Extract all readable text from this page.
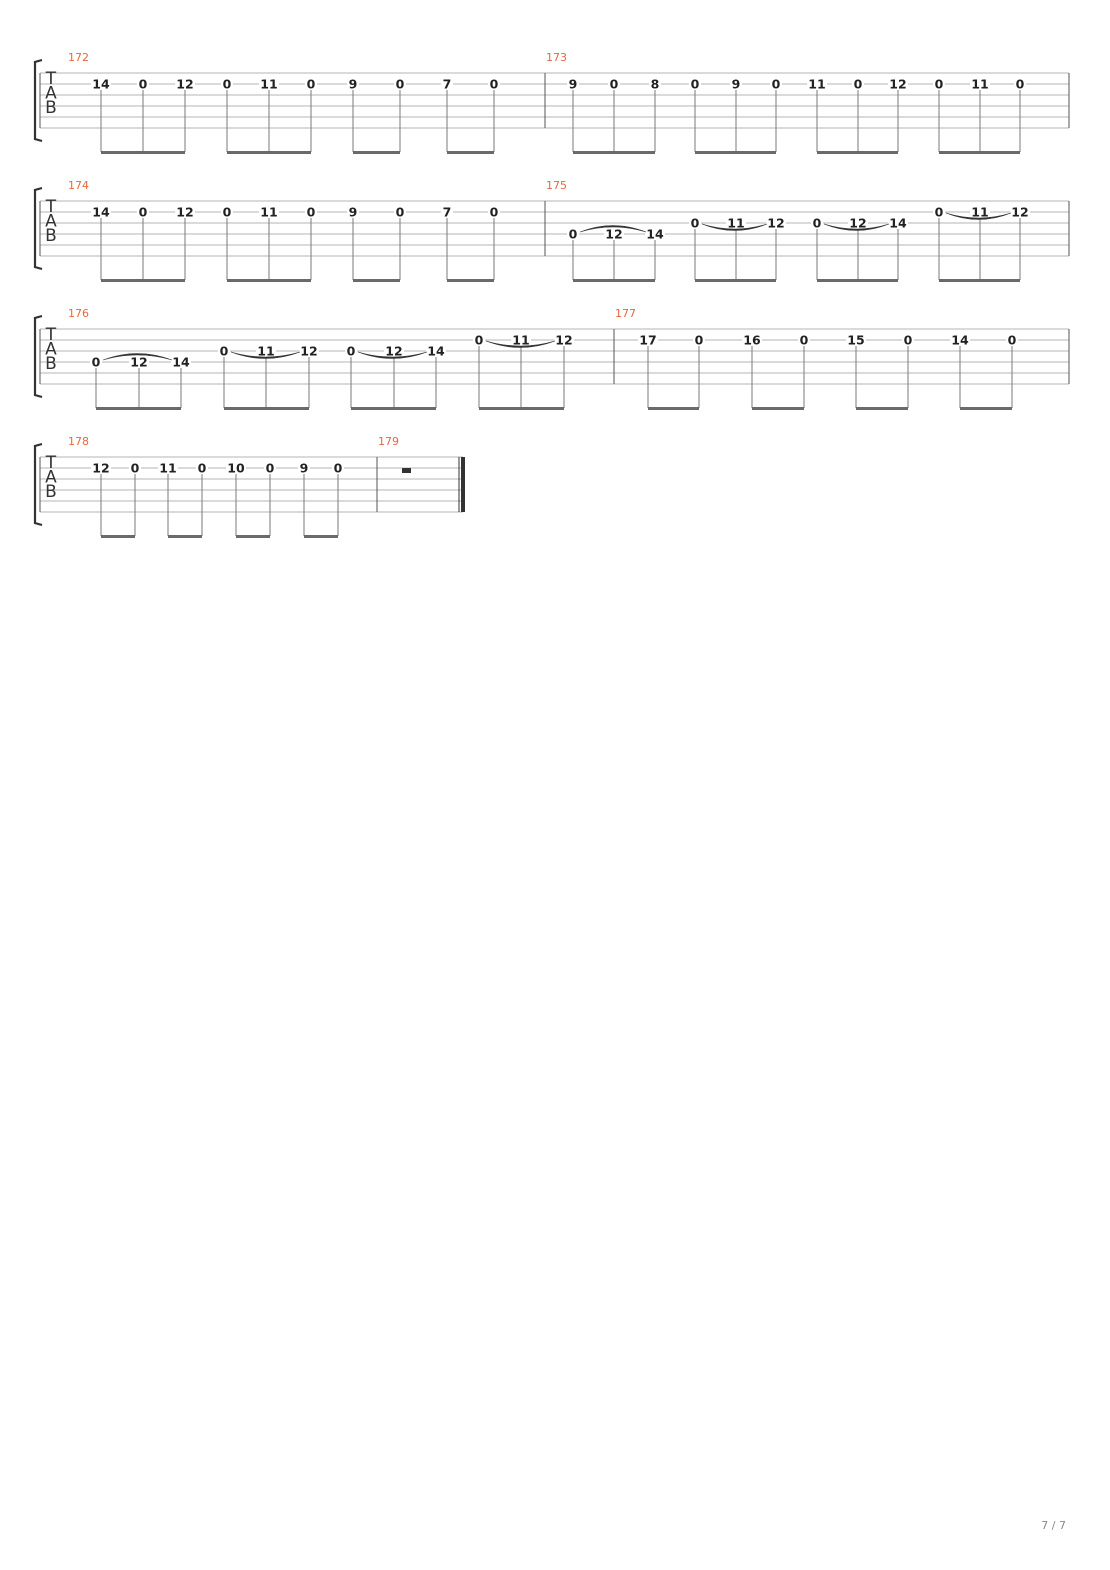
T
A
B
172
14 0 12 0 11 0	9	0	7	0
173
9	0	8	0	9	0 11 0 12 0 11 0
T
A
B
174
14 0 12 0 11 0	9	0	7	0
175
0 12 14
0 11 12 0 12 14
0 11 12
T
A
B
176
0 12 14
0 11 12 0 12 14
0 11 12
177
17	0	16	0	15	0	14	0
T
A
B
178
12 0 11 0 10 0 9 0
179
7 / 7
